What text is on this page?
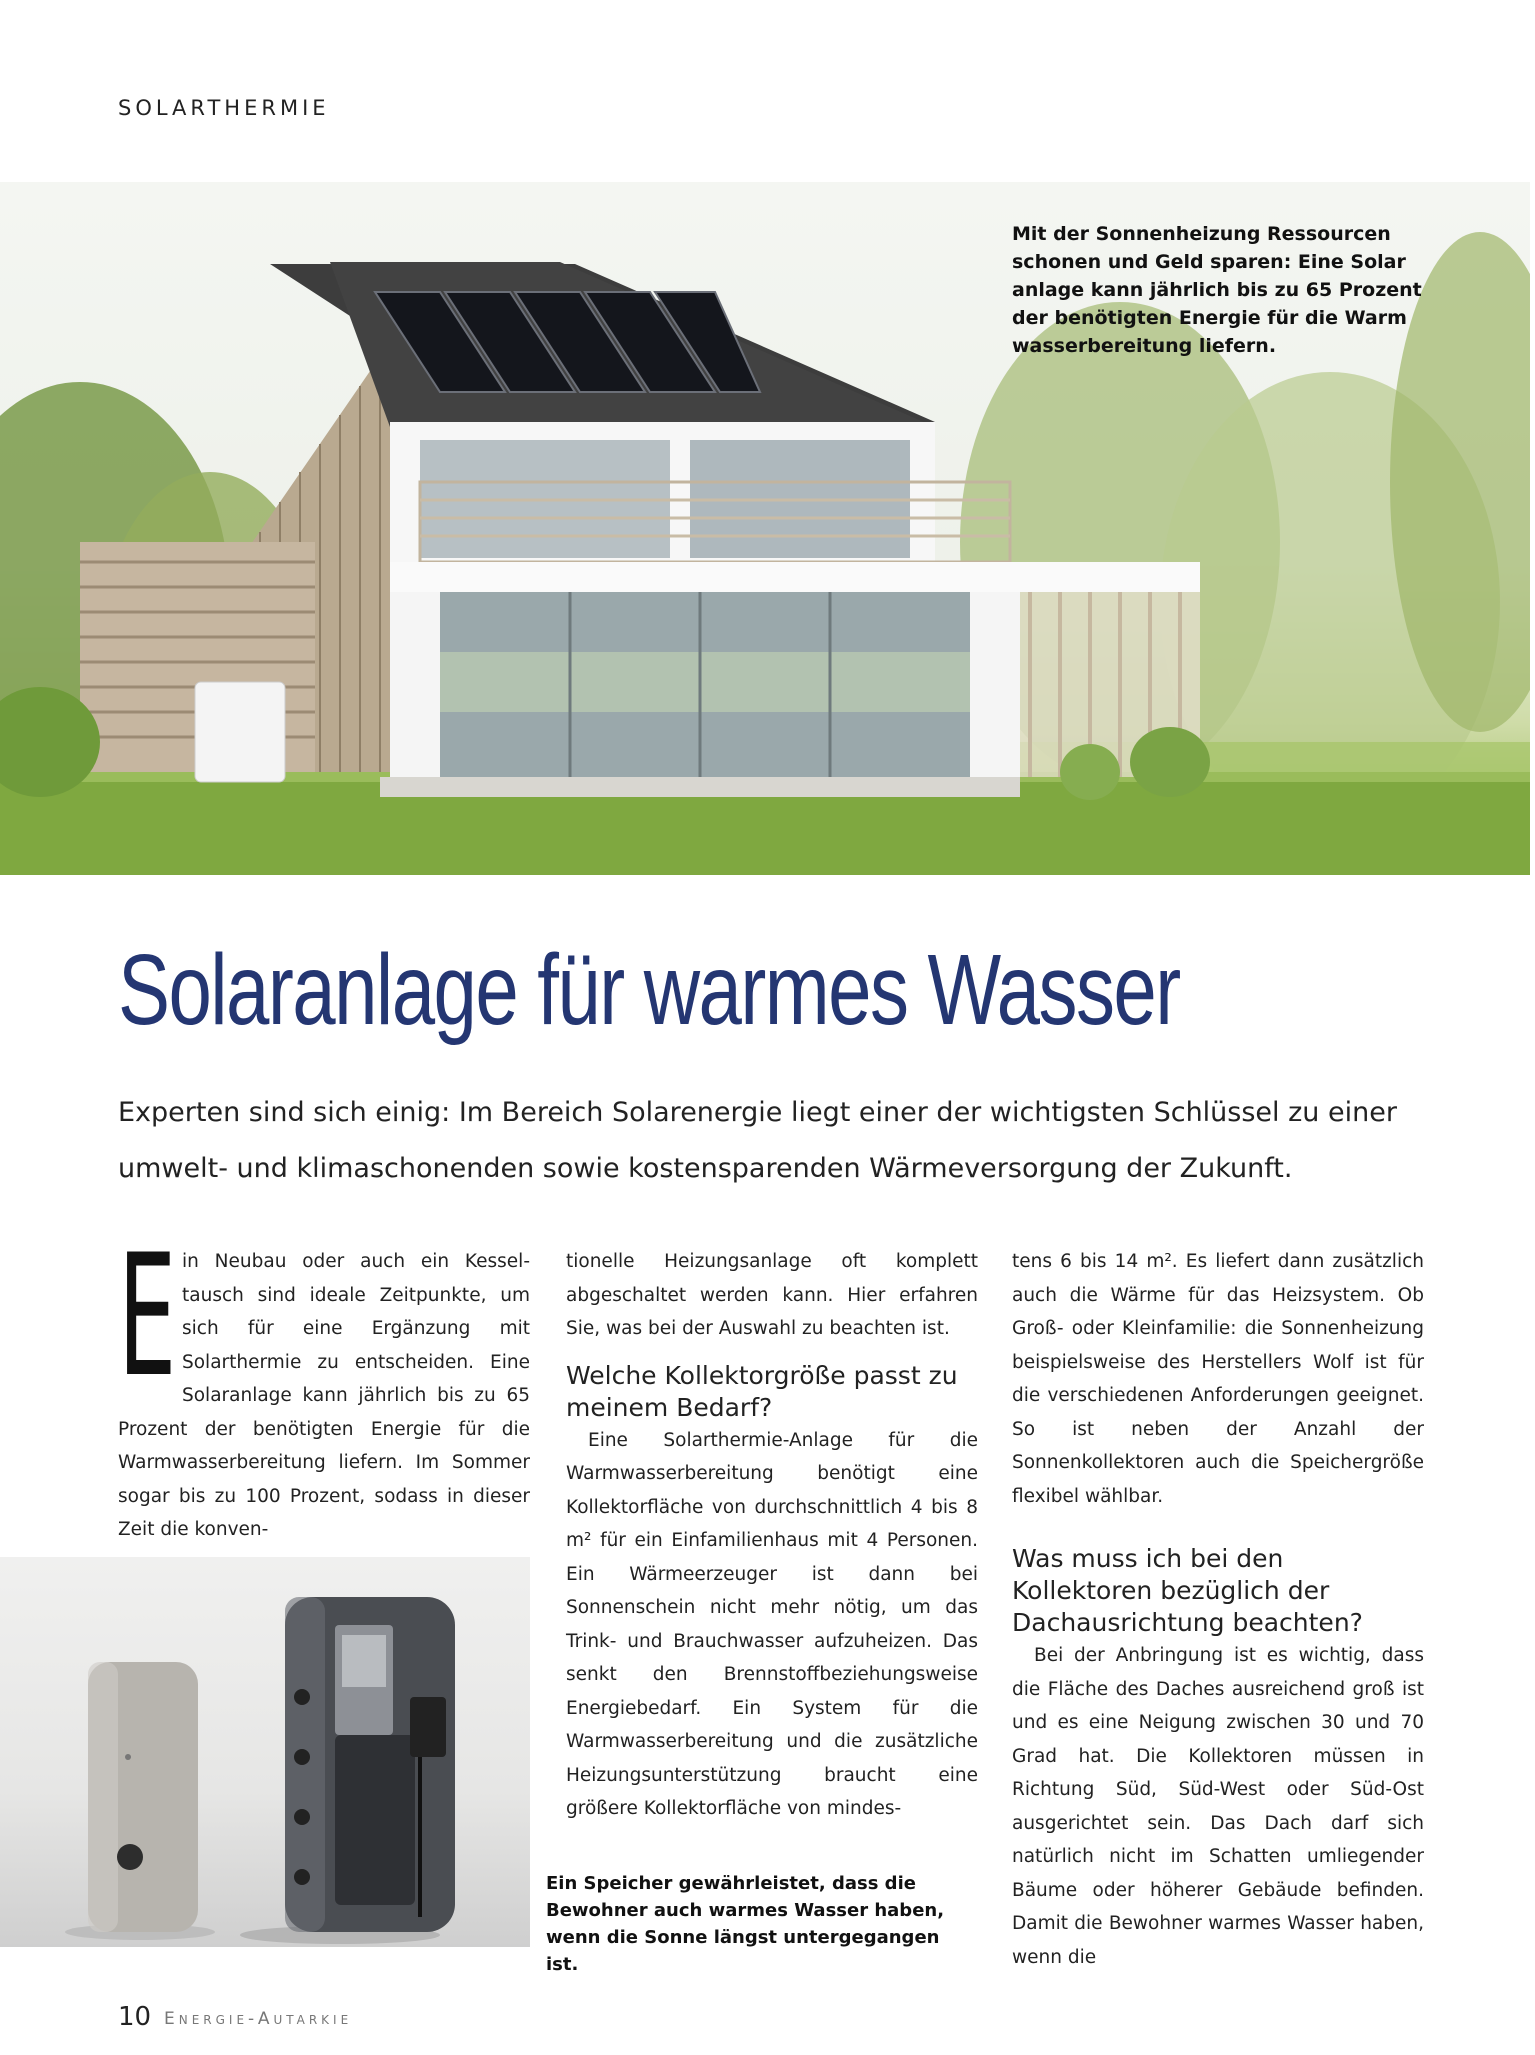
SOLARTHERMIE
Mit der Sonnenheizung Ressourcen schonen und Geld sparen: Eine Solar anlage kann jährlich bis zu 65 Prozent der benötigten Energie für die Warm wasserbereitung liefern.
Solaranlage für warmes Wasser
Experten sind sich einig: Im Bereich Solarenergie liegt einer der wichtigsten Schlüssel zu einer umwelt- und klimaschonenden sowie kostensparenden Wärmeversorgung der Zukunft.
E in Neubau oder auch ein Kessel-tausch sind ideale Zeitpunkte, um sich für eine Ergänzung mit Solarthermie zu entscheiden. Eine Solaranlage kann jährlich bis zu 65 Prozent der benötigten Energie für die Warmwasserbereitung liefern. Im Sommer sogar bis zu 100 Prozent, sodass in dieser Zeit die konven-

tionelle Heizungsanlage oft komplett abgeschaltet werden kann. Hier erfahren Sie, was bei der Auswahl zu beachten ist.

Welche Kollektorgröße passt zu meinem Bedarf?

Eine Solarthermie-Anlage für die Warmwasserbereitung benötigt eine Kollektorfläche von durchschnittlich 4 bis 8 m² für ein Einfamilienhaus mit 4 Personen. Ein Wärmeerzeuger ist dann bei Sonnenschein nicht mehr nötig, um das Trink- und Brauchwasser aufzuheizen. Das senkt den Brennstoffbeziehungsweise Energiebedarf. Ein System für die Warmwasserbereitung und die zusätzliche Heizungsunterstützung braucht eine größere Kollektorfläche von mindes-

Ein Speicher gewährleistet, dass die Bewohner auch warmes Wasser haben, wenn die Sonne längst untergegangen ist.

tens 6 bis 14 m². Es liefert dann zusätzlich auch die Wärme für das Heizsystem. Ob Groß- oder Kleinfamilie: die Sonnenheizung beispielsweise des Herstellers Wolf ist für die verschiedenen Anforderungen geeignet. So ist neben der Anzahl der Sonnenkollektoren auch die Speichergröße flexibel wählbar.

Was muss ich bei den Kollektoren bezüglich der Dachausrichtung beachten?

Bei der Anbringung ist es wichtig, dass die Fläche des Daches ausreichend groß ist und es eine Neigung zwischen 30 und 70 Grad hat. Die Kollektoren müssen in Richtung Süd, Süd-West oder Süd-Ost ausgerichtet sein. Das Dach darf sich natürlich nicht im Schatten umliegender Bäume oder höherer Gebäude befinden. Damit die Bewohner warmes Wasser haben, wenn die

10 Energie-Autarkie
